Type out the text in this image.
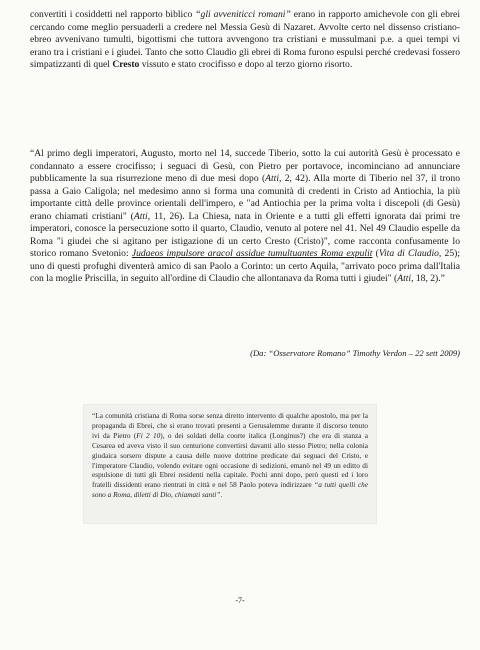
convertiti i cosiddetti nel rapporto biblico “gli avveniticci romani” erano in rapporto amichevole con gli ebrei cercando come meglio persuaderli a credere nel Messia Gesù di Nazaret. Avvolte certo nel dissenso cristiano-ebreo avvenivano tumulti, bigottismi che tuttora avvengono tra cristiani e mussulmani p.e. a quei tempi vi erano tra i cristiani e i giudei. Tanto che sotto Claudio gli ebrei di Roma furono espulsi perché credevasi fossero simpatizzanti di quel Cresto vissuto e stato crocifisso e dopo al terzo giorno risorto.

“Al primo degli imperatori, Augusto, morto nel 14, succede Tiberio, sotto la cui autorità Gesù è processato e condannato a essere crocifisso; i seguaci di Gesù, con Pietro per portavoce, incominciano ad annunciare pubblicamente la sua risurrezione meno di due mesi dopo (Atti, 2, 42). Alla morte di Tiberio nel 37, il trono passa a Gaio Caligola; nel medesimo anno si forma una comunità di credenti in Cristo ad Antiochia, la più importante città delle province orientali dell'impero, e "ad Antiochia per la prima volta i discepoli (di Gesù) erano chiamati cristiani" (Atti, 11, 26). La Chiesa, nata in Oriente e a tutti gli effetti ignorata dai primi tre imperatori, conosce la persecuzione sotto il quarto, Claudio, venuto al potere nel 41. Nel 49 Claudio espelle da Roma "i giudei che si agitano per istigazione di un certo Cresto (Cristo)", come racconta confusamente lo storico romano Svetonio: Judaeos impulsore aracol assidue tumultuantes Roma expulit (Vita di Claudio, 25); uno di questi profughi diventerà amico di san Paolo a Corinto: un certo Aquila, "arrivato poco prima dall'Italia con la moglie Priscilla, in seguito all'ordine di Claudio che allontanava da Roma tutti i giudei" (Atti, 18, 2).”

(Da: “Osservatore Romano” Timothy Verdon – 22 sett 2009)

“La comunità cristiana di Roma sorse senza diretto intervento di qualche apostolo, ma per la propaganda di Ebrei, che si erano trovati presenti a Gerusalemme durante il discorso tenuto ivi da Pietro (Fi 2 10), o dei soldati della coorte italica (Longinus?) che era di stanza a Cesarea ed aveva visto il suo centurione convertirsi davanti allo stesso Pietro; nella colonia giudaica sorsero dispute a causa delle nuove dottrine predicate dai seguaci del Cristo, e l'imperatore Claudio, volendo evitare ogni occasione di sedizioni, emanò nel 49 un editto di espulsione di tutti gli Ebrei residenti nella capitale. Pochi anni dopo, però questi ed i loro fratelli dissidenti erano rientrati in città e nel 58 Paolo poteva indirizzare “a tutti quelli che sono a Roma, diletti di Dio, chiamati santi”.

-7-
